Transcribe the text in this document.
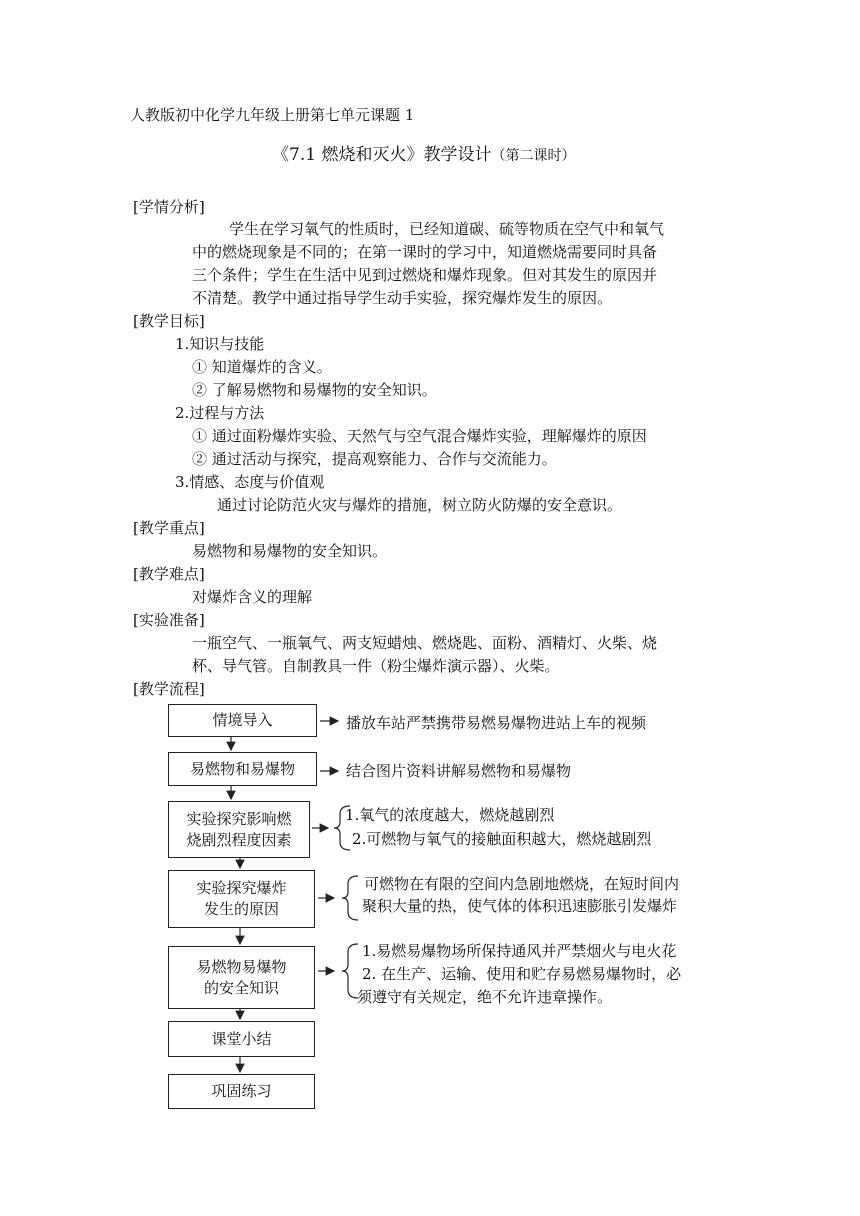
人教版初中化学九年级上册第七单元课题 1
《7.1 燃烧和灭火》教学设计（第二课时）
[学情分析]
学生在学习氧气的性质时，已经知道碳、硫等物质在空气中和氧气
中的燃烧现象是不同的；在第一课时的学习中，知道燃烧需要同时具备
三个条件；学生在生活中见到过燃烧和爆炸现象。但对其发生的原因并
不清楚。教学中通过指导学生动手实验，探究爆炸发生的原因。
[教学目标]
1.知识与技能
① 知道爆炸的含义。
② 了解易燃物和易爆物的安全知识。
2.过程与方法
① 通过面粉爆炸实验、天然气与空气混合爆炸实验，理解爆炸的原因
② 通过活动与探究，提高观察能力、合作与交流能力。
3.情感、态度与价值观
通过讨论防范火灾与爆炸的措施，树立防火防爆的安全意识。
[教学重点]
易燃物和易爆物的安全知识。
[教学难点]
对爆炸含义的理解
[实验准备]
一瓶空气、一瓶氧气、两支短蜡烛、燃烧匙、面粉、酒精灯、火柴、烧
杯、导气管。自制教具一件（粉尘爆炸演示器）、火柴。
[教学流程]
情境导入
易燃物和易爆物
实验探究影响燃
烧剧烈程度因素
实验探究爆炸
发生的原因
易燃物易爆物
的安全知识
课堂小结
巩固练习
播放车站严禁携带易燃易爆物进站上车的视频
结合图片资料讲解易燃物和易爆物
1.氧气的浓度越大，燃烧越剧烈
2.可燃物与氧气的接触面积越大，燃烧越剧烈
可燃物在有限的空间内急剧地燃烧，在短时间内
聚积大量的热，使气体的体积迅速膨胀引发爆炸
1.易燃易爆物场所保持通风并严禁烟火与电火花
2. 在生产、运输、使用和贮存易燃易爆物时，必
须遵守有关规定，绝不允许违章操作。
